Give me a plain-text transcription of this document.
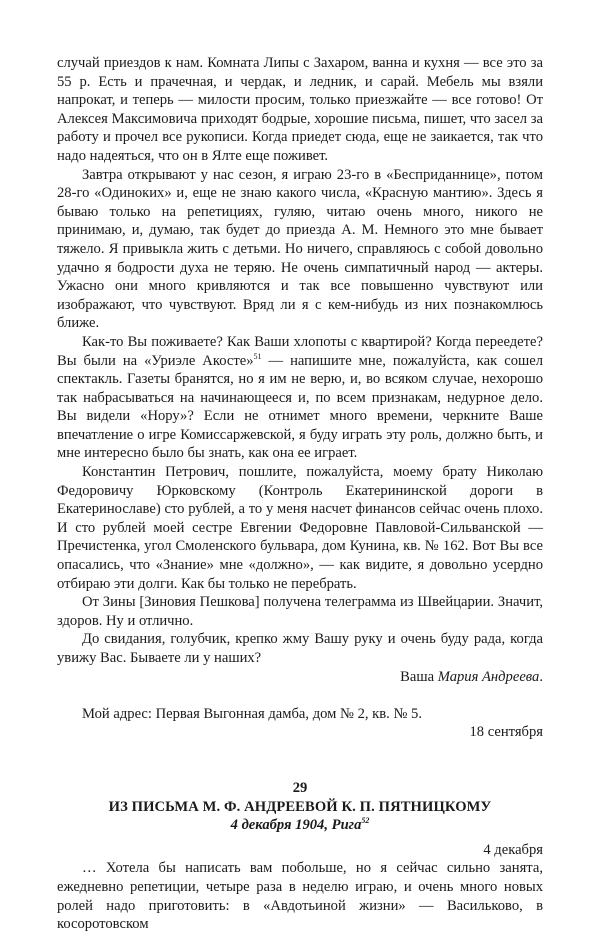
случай приездов к нам. Комната Липы с Захаром, ванна и кухня — все это за 55 р. Есть и прачечная, и чердак, и ледник, и сарай. Мебель мы взяли напрокат, и теперь — милости просим, только приезжайте — все готово! От Алексея Максимовича приходят бодрые, хорошие письма, пишет, что засел за работу и прочел все рукописи. Когда приедет сюда, еще не заикается, так что надо надеяться, что он в Ялте еще поживет.

Завтра открывают у нас сезон, я играю 23-го в «Бесприданнице», потом 28-го «Одиноких» и, еще не знаю какого числа, «Красную мантию». Здесь я бываю только на репетициях, гуляю, читаю очень много, никого не принимаю, и, думаю, так будет до приезда А. М. Немного это мне бывает тяжело. Я привыкла жить с детьми. Но ничего, справляюсь с собой довольно удачно я бодрости духа не теряю. Не очень симпатичный народ — актеры. Ужасно они много кривляются и так все повышенно чувствуют или изображают, что чувствуют. Вряд ли я с кем-нибудь из них познакомлюсь ближе.

Как-то Вы поживаете? Как Ваши хлопоты с квартирой? Когда переедете? Вы были на «Уриэле Акосте»$^{51}$ — напишите мне, пожалуйста, как сошел спектакль. Газеты бранятся, но я им не верю, и, во всяком случае, нехорошо так набрасываться на начинающееся и, по всем признакам, недурное дело. Вы видели «Нору»? Если не отнимет много времени, черкните Ваше впечатление о игре Комиссаржевской, я буду играть эту роль, должно быть, и мне интересно было бы знать, как она ее играет.

Константин Петрович, пошлите, пожалуйста, моему брату Николаю Федоровичу Юрковскому (Контроль Екатерининской дороги в Екатеринославе) сто рублей, а то у меня насчет финансов сейчас очень плохо. И сто рублей моей сестре Евгении Федоровне Павловой-Сильванской — Пречистенка, угол Смоленского бульвара, дом Кунина, кв. № 162. Вот Вы все опасались, что «Знание» мне «должно», — как видите, я довольно усердно отбираю эти долги. Как бы только не перебрать.

От Зины [Зиновия Пешкова] получена телеграмма из Швейцарии. Значит, здоров. Ну и отлично.

До свидания, голубчик, крепко жму Вашу руку и очень буду рада, когда увижу Вас. Бываете ли у наших?

Ваша Мария Андреева.

Мой адрес: Первая Выгонная дамба, дом № 2, кв. № 5.

18 сентября

29

ИЗ ПИСЬМА М. Ф. АНДРЕЕВОЙ К. П. ПЯТНИЦКОМУ

4 декабря 1904, Рига$^{52}$

4 декабря

… Хотела бы написать вам побольше, но я сейчас сильно занята, ежедневно репетиции, четыре раза в неделю играю, и очень много новых ролей надо приготовить: в «Авдотьиной жизни» — Васильково, в косоротовском
